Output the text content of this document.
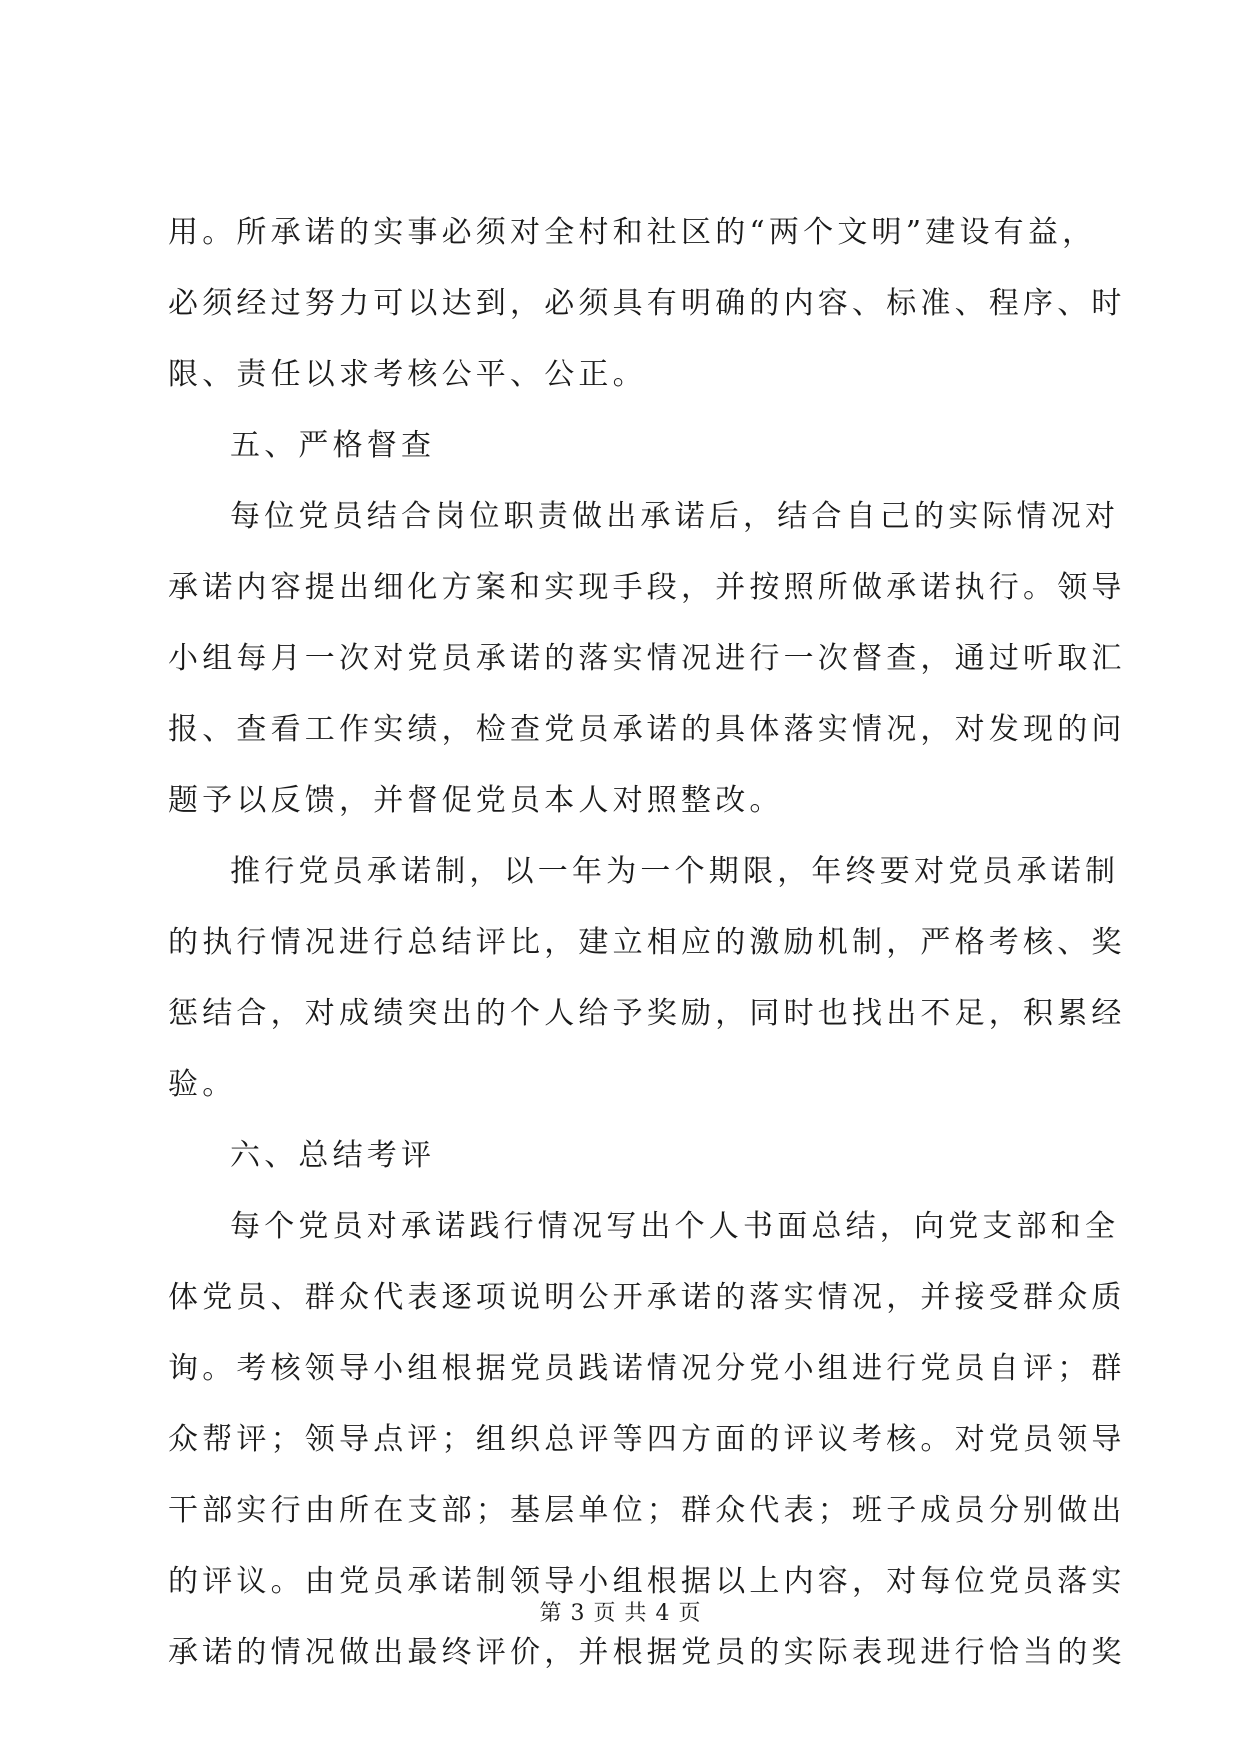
用。所承诺的实事必须对全村和社区的“两个文明”建设有益，
必须经过努力可以达到，必须具有明确的内容、标准、程序、时
限、责任以求考核公平、公正。
五、严格督查
每位党员结合岗位职责做出承诺后，结合自己的实际情况对
承诺内容提出细化方案和实现手段，并按照所做承诺执行。领导
小组每月一次对党员承诺的落实情况进行一次督查，通过听取汇
报、查看工作实绩，检查党员承诺的具体落实情况，对发现的问
题予以反馈，并督促党员本人对照整改。
推行党员承诺制，以一年为一个期限，年终要对党员承诺制
的执行情况进行总结评比，建立相应的激励机制，严格考核、奖
惩结合，对成绩突出的个人给予奖励，同时也找出不足，积累经
验。
六、总结考评
每个党员对承诺践行情况写出个人书面总结，向党支部和全
体党员、群众代表逐项说明公开承诺的落实情况，并接受群众质
询。考核领导小组根据党员践诺情况分党小组进行党员自评；群
众帮评；领导点评；组织总评等四方面的评议考核。对党员领导
干部实行由所在支部；基层单位；群众代表；班子成员分别做出
的评议。由党员承诺制领导小组根据以上内容，对每位党员落实
承诺的情况做出最终评价，并根据党员的实际表现进行恰当的奖
第 3 页 共 4 页
